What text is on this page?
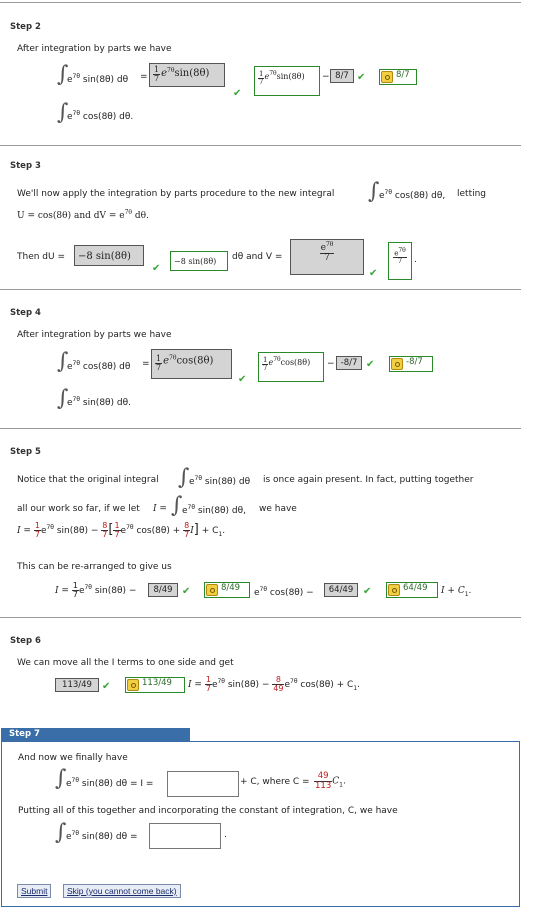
Step 2
After integration by parts we have
∫
$e^{7\theta}$ sin(8θ) $d\theta = \frac{1}{7} e^{7\theta}\sin(8\theta)$
✔
$\frac{1}{7} e^{7\theta}\sin(8\theta)$	− 8/7 ✔	8/7
∫
$e^{7\theta}$ cos(8θ) dθ.
Step 3
We'll now apply the integration by parts procedure to the new integral ∫ $e^{7\theta}$ cos(8θ) dθ, letting
U = cos(8θ) and dV = $e^{7\theta}$ dθ.
Then dU =	−8 sin(8θ)
✔
−8 sin(8θ)	dθ and V =	$\frac{e^{7\theta}}{7}$
✔
$\frac{e^{7\theta}}{7}$ .
Step 4
After integration by parts we have
∫
$e^{7\theta}$ cos(8θ) $d\theta = \frac{1}{7} e^{7\theta}\cos(8\theta)$
✔
$\frac{1}{7} e^{7\theta}\cos(8\theta)$	− -8/7 ✔	-8/7
∫
$e^{7\theta}$ sin(8θ) dθ.
Step 5
Notice that the original integral ∫ $e^{7\theta}$ sin(8θ) dθ is once again present. In fact, putting together
all our work so far, if we let I = ∫ $e^{7\theta}$ sin(8θ) dθ, we have
$I = \frac{1}{7} e^{7\theta}$ $\sin(8\theta) - \frac{8}{7}$ [ $\frac{1}{7} e^{7\theta}$ $\cos(8\theta) + \frac{8}{7} I] + C_1$.
This can be re-arranged to give us
$I = \frac{1}{7} e^{7\theta}$ sin(8θ) −	8/49 ✔	8/49	$e^{7\theta}$ cos(8θ) −	64/49 ✔	64/49	$I + C_1$.
Step 6
We can move all the I terms to one side and get
113/49	✔	113/49	$I = \frac{1}{7} e^{7\theta}$ $\sin(8\theta) - \frac{8}{49} e^{7\theta}$ $\cos(8\theta) + C_1$.
Step 7
And now we finally have
∫ $e^{7\theta}$ sin(8θ) dθ = I =	+ C, where $C = \frac{49}{113} C_1$.
Putting all of this together and incorporating the constant of integration, C, we have
∫ $e^{7\theta}$ sin(8θ) dθ =	.
Submit	Skip (you cannot come back)
